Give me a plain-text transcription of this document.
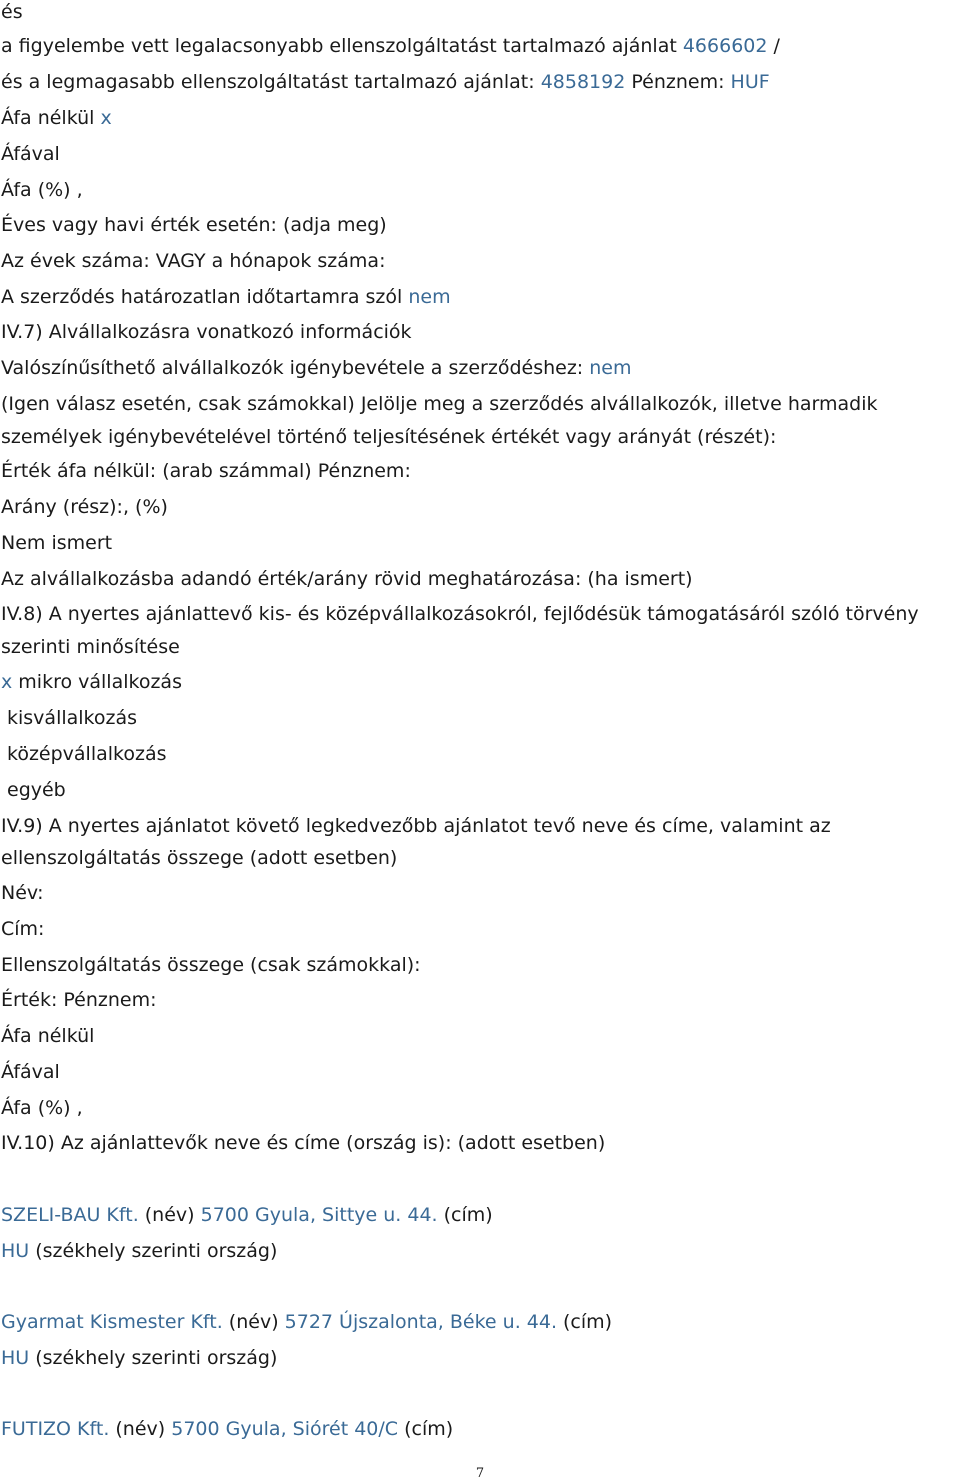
és
a figyelembe vett legalacsonyabb ellenszolgáltatást tartalmazó ajánlat 4666602 /
és a legmagasabb ellenszolgáltatást tartalmazó ajánlat: 4858192 Pénznem: HUF
Áfa nélkül x
Áfával
Áfa (%) ,
Éves vagy havi érték esetén: (adja meg)
Az évek száma: VAGY a hónapok száma:
A szerződés határozatlan időtartamra szól nem
IV.7) Alvállalkozásra vonatkozó információk
Valószínűsíthető alvállalkozók igénybevétele a szerződéshez: nem
(Igen válasz esetén, csak számokkal) Jelölje meg a szerződés alvállalkozók, illetve harmadik
személyek igénybevételével történő teljesítésének értékét vagy arányát (részét):
Érték áfa nélkül: (arab számmal) Pénznem:
Arány (rész):, (%)
Nem ismert
Az alvállalkozásba adandó érték/arány rövid meghatározása: (ha ismert)
IV.8) A nyertes ajánlattevő kis- és középvállalkozásokról, fejlődésük támogatásáról szóló törvény
szerinti minősítése
x mikro vállalkozás
kisvállalkozás
középvállalkozás
egyéb
IV.9) A nyertes ajánlatot követő legkedvezőbb ajánlatot tevő neve és címe, valamint az
ellenszolgáltatás összege (adott esetben)
Név:
Cím:
Ellenszolgáltatás összege (csak számokkal):
Érték: Pénznem:
Áfa nélkül
Áfával
Áfa (%) ,
IV.10) Az ajánlattevők neve és címe (ország is): (adott esetben)
SZELI-BAU Kft. (név) 5700 Gyula, Sittye u. 44. (cím)
HU (székhely szerinti ország)
Gyarmat Kismester Kft. (név) 5727 Újszalonta, Béke u. 44. (cím)
HU (székhely szerinti ország)
FUTIZO Kft. (név) 5700 Gyula, Siórét 40/C (cím)
7
